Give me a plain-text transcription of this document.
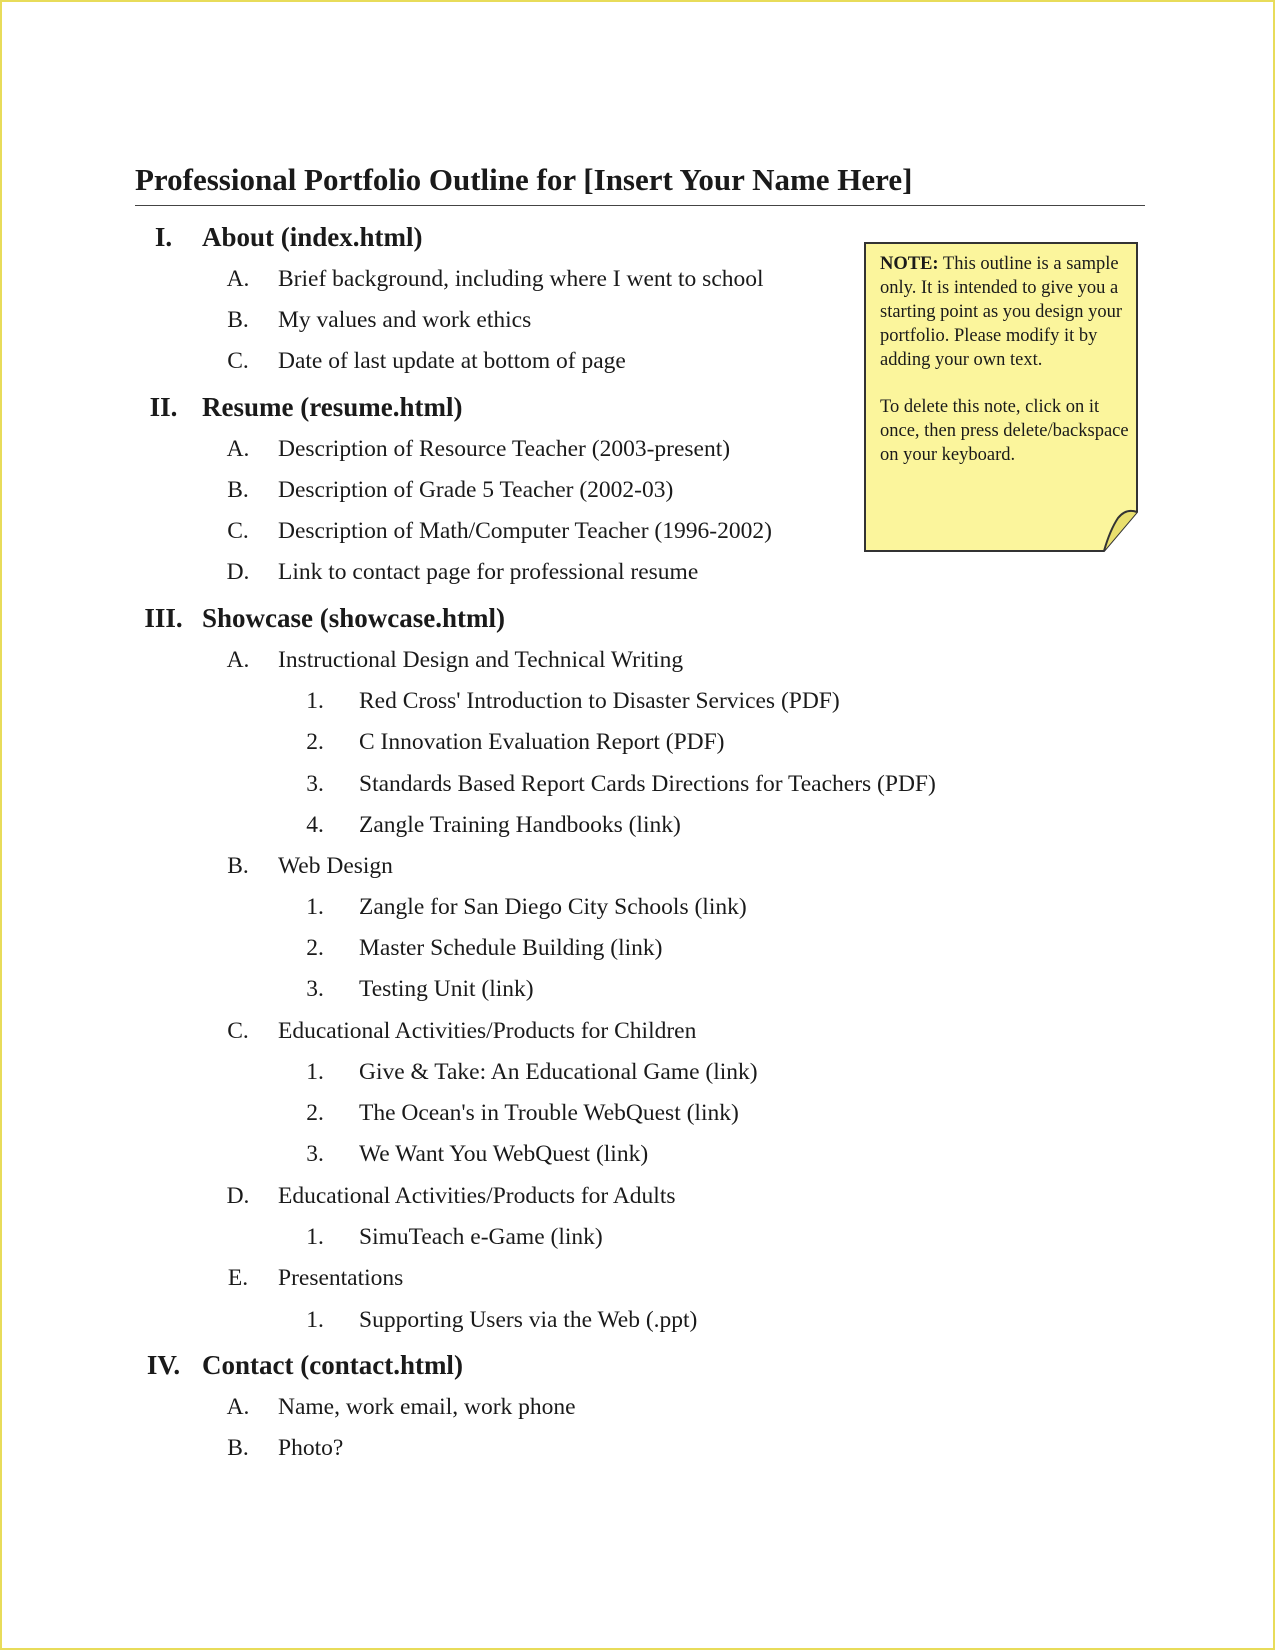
Professional Portfolio Outline for [Insert Your Name Here]
I.	About (index.html)
A.	Brief background, including where I went to school
B.	My values and work ethics
C.	Date of last update at bottom of page
II. Resume (resume.html)
A.	Description of Resource Teacher (2003-present)
B.	Description of Grade 5 Teacher (2002-03)
C.	Description of Math/Computer Teacher (1996-2002)
D.	Link to contact page for professional resume
III. Showcase (showcase.html)
A.	Instructional Design and Technical Writing
1. Red Cross' Introduction to Disaster Services (PDF)
2. C Innovation Evaluation Report (PDF)
3. Standards Based Report Cards Directions for Teachers (PDF)
4. Zangle Training Handbooks (link)
B.	Web Design
1. Zangle for San Diego City Schools (link)
2. Master Schedule Building (link)
3. Testing Unit (link)
C.	Educational Activities/Products for Children
1. Give & Take: An Educational Game (link)
2. The Ocean's in Trouble WebQuest (link)
3. We Want You WebQuest (link)
D.	Educational Activities/Products for Adults
1. SimuTeach e-Game (link)
E.	Presentations
1. Supporting Users via the Web (.ppt)
IV. Contact (contact.html)
A.	Name, work email, work phone
B.	Photo?

NOTE: This outline is a sample only. It is intended to give you a starting point as you design your portfolio. Please modify it by adding your own text.

To delete this note, click on it once, then press delete/backspace on your keyboard.
